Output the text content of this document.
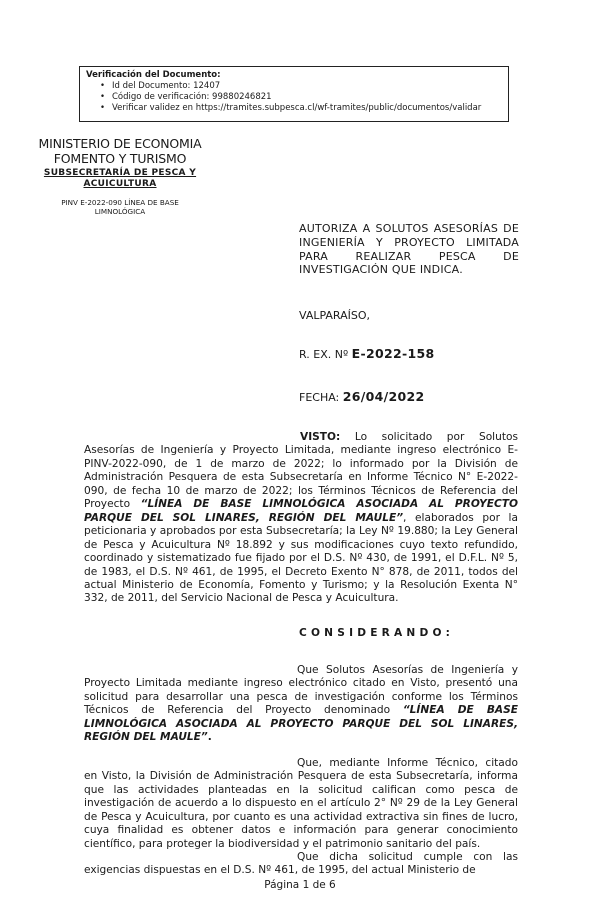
Verificación del Documento:
• Id del Documento: 12407
• Código de verificación: 99880246821
• Verificar validez en https://tramites.subpesca.cl/wf-tramites/public/documentos/validar
MINISTERIO DE ECONOMIA
FOMENTO Y TURISMO
SUBSECRETARÍA DE PESCA Y
ACUICULTURA
PINV E-2022-090 LÍNEA DE BASE
LIMNOLÓGICA
AUTORIZA A SOLUTOS ASESORÍAS DE INGENIERÍA Y PROYECTO LIMITADA PARA REALIZAR PESCA DE INVESTIGACIÓN QUE INDICA.
VALPARAÍSO,
R. EX. Nº E-2022-158
FECHA: 26/04/2022
VISTO: Lo solicitado por Solutos Asesorías de Ingeniería y Proyecto Limitada, mediante ingreso electrónico E-PINV-2022-090, de 1 de marzo de 2022; lo informado por la División de Administración Pesquera de esta Subsecretaría en Informe Técnico N° E-2022-090, de fecha 10 de marzo de 2022; los Términos Técnicos de Referencia del Proyecto “LÍNEA DE BASE LIMNOLÓGICA ASOCIADA AL PROYECTO PARQUE DEL SOL LINARES, REGIÓN DEL MAULE”, elaborados por la peticionaria y aprobados por esta Subsecretaría; la Ley Nº 19.880; la Ley General de Pesca y Acuicultura Nº 18.892 y sus modificaciones cuyo texto refundido, coordinado y sistematizado fue fijado por el D.S. Nº 430, de 1991, el D.F.L. Nº 5, de 1983, el D.S. Nº 461, de 1995, el Decreto Exento N° 878, de 2011, todos del actual Ministerio de Economía, Fomento y Turismo; y la Resolución Exenta N° 332, de 2011, del Servicio Nacional de Pesca y Acuicultura.
CONSIDERANDO:
Que Solutos Asesorías de Ingeniería y Proyecto Limitada mediante ingreso electrónico citado en Visto, presentó una solicitud para desarrollar una pesca de investigación conforme los Términos Técnicos de Referencia del Proyecto denominado “LÍNEA DE BASE LIMNOLÓGICA ASOCIADA AL PROYECTO PARQUE DEL SOL LINARES, REGIÓN DEL MAULE”.
Que, mediante Informe Técnico, citado en Visto, la División de Administración Pesquera de esta Subsecretaría, informa que las actividades planteadas en la solicitud califican como pesca de investigación de acuerdo a lo dispuesto en el artículo 2° Nº 29 de la Ley General de Pesca y Acuicultura, por cuanto es una actividad extractiva sin fines de lucro, cuya finalidad es obtener datos e información para generar conocimiento científico, para proteger la biodiversidad y el patrimonio sanitario del país.
Que dicha solicitud cumple con las exigencias dispuestas en el D.S. Nº 461, de 1995, del actual Ministerio de
Página 1 de 6
